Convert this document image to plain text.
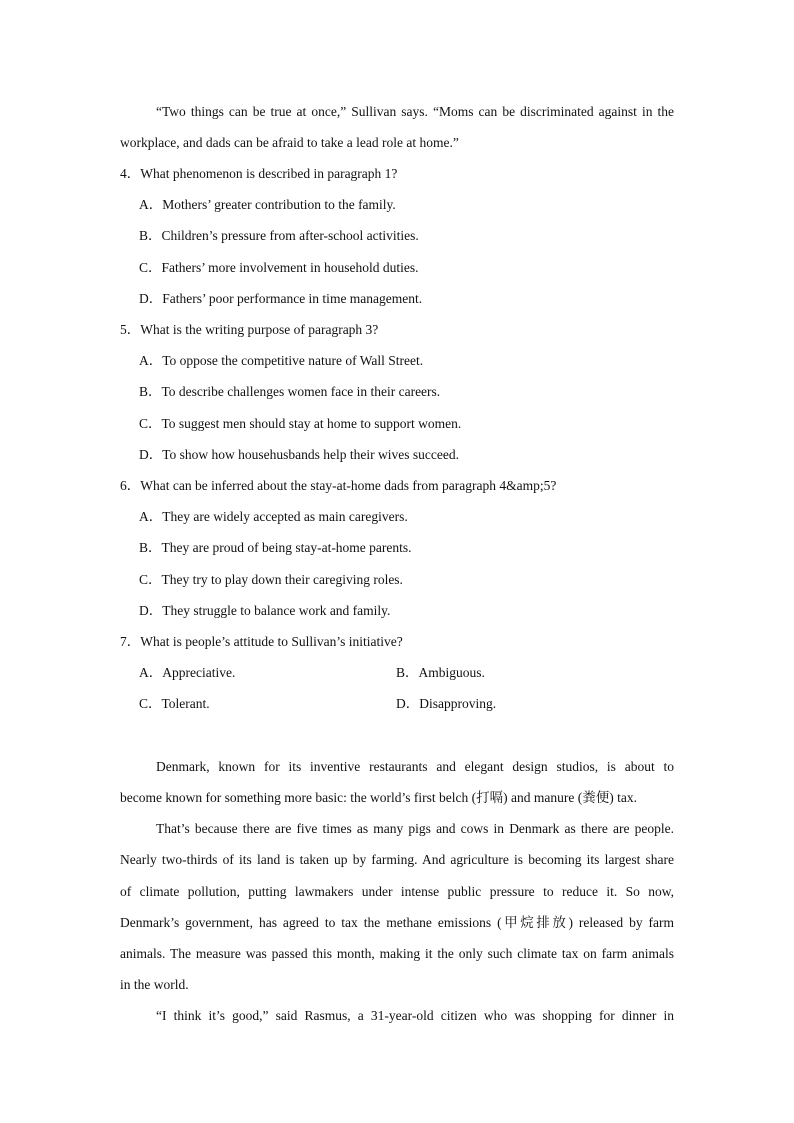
“Two things can be true at once,” Sullivan says. “Moms can be discriminated against in the
workplace, and dads can be afraid to take a lead role at home.”
4．What phenomenon is described in paragraph 1?
A．Mothers’ greater contribution to the family.
B．Children’s pressure from after-school activities.
C．Fathers’ more involvement in household duties.
D．Fathers’ poor performance in time management.
5．What is the writing purpose of paragraph 3?
A．To oppose the competitive nature of Wall Street.
B．To describe challenges women face in their careers.
C．To suggest men should stay at home to support women.
D．To show how househusbands help their wives succeed.
6．What can be inferred about the stay-at-home dads from paragraph 4&amp;5?
A．They are widely accepted as main caregivers.
B．They are proud of being stay-at-home parents.
C．They try to play down their caregiving roles.
D．They struggle to balance work and family.
7．What is people’s attitude to Sullivan’s initiative?
A．Appreciative.	B．Ambiguous.
C．Tolerant.	D．Disapproving.
Denmark, known for its inventive restaurants and elegant design studios, is about to
become known for something more basic: the world’s first belch (打嗝) and manure (粪便) tax.
That’s because there are five times as many pigs and cows in Denmark as there are people.
Nearly two-thirds of its land is taken up by farming. And agriculture is becoming its largest share
of climate pollution, putting lawmakers under intense public pressure to reduce it. So now,
Denmark’s government, has agreed to tax the methane emissions (甲烷排放) released by farm
animals. The measure was passed this month, making it the only such climate tax on farm animals
in the world.
“I think it’s good,” said Rasmus, a 31-year-old citizen who was shopping for dinner in
